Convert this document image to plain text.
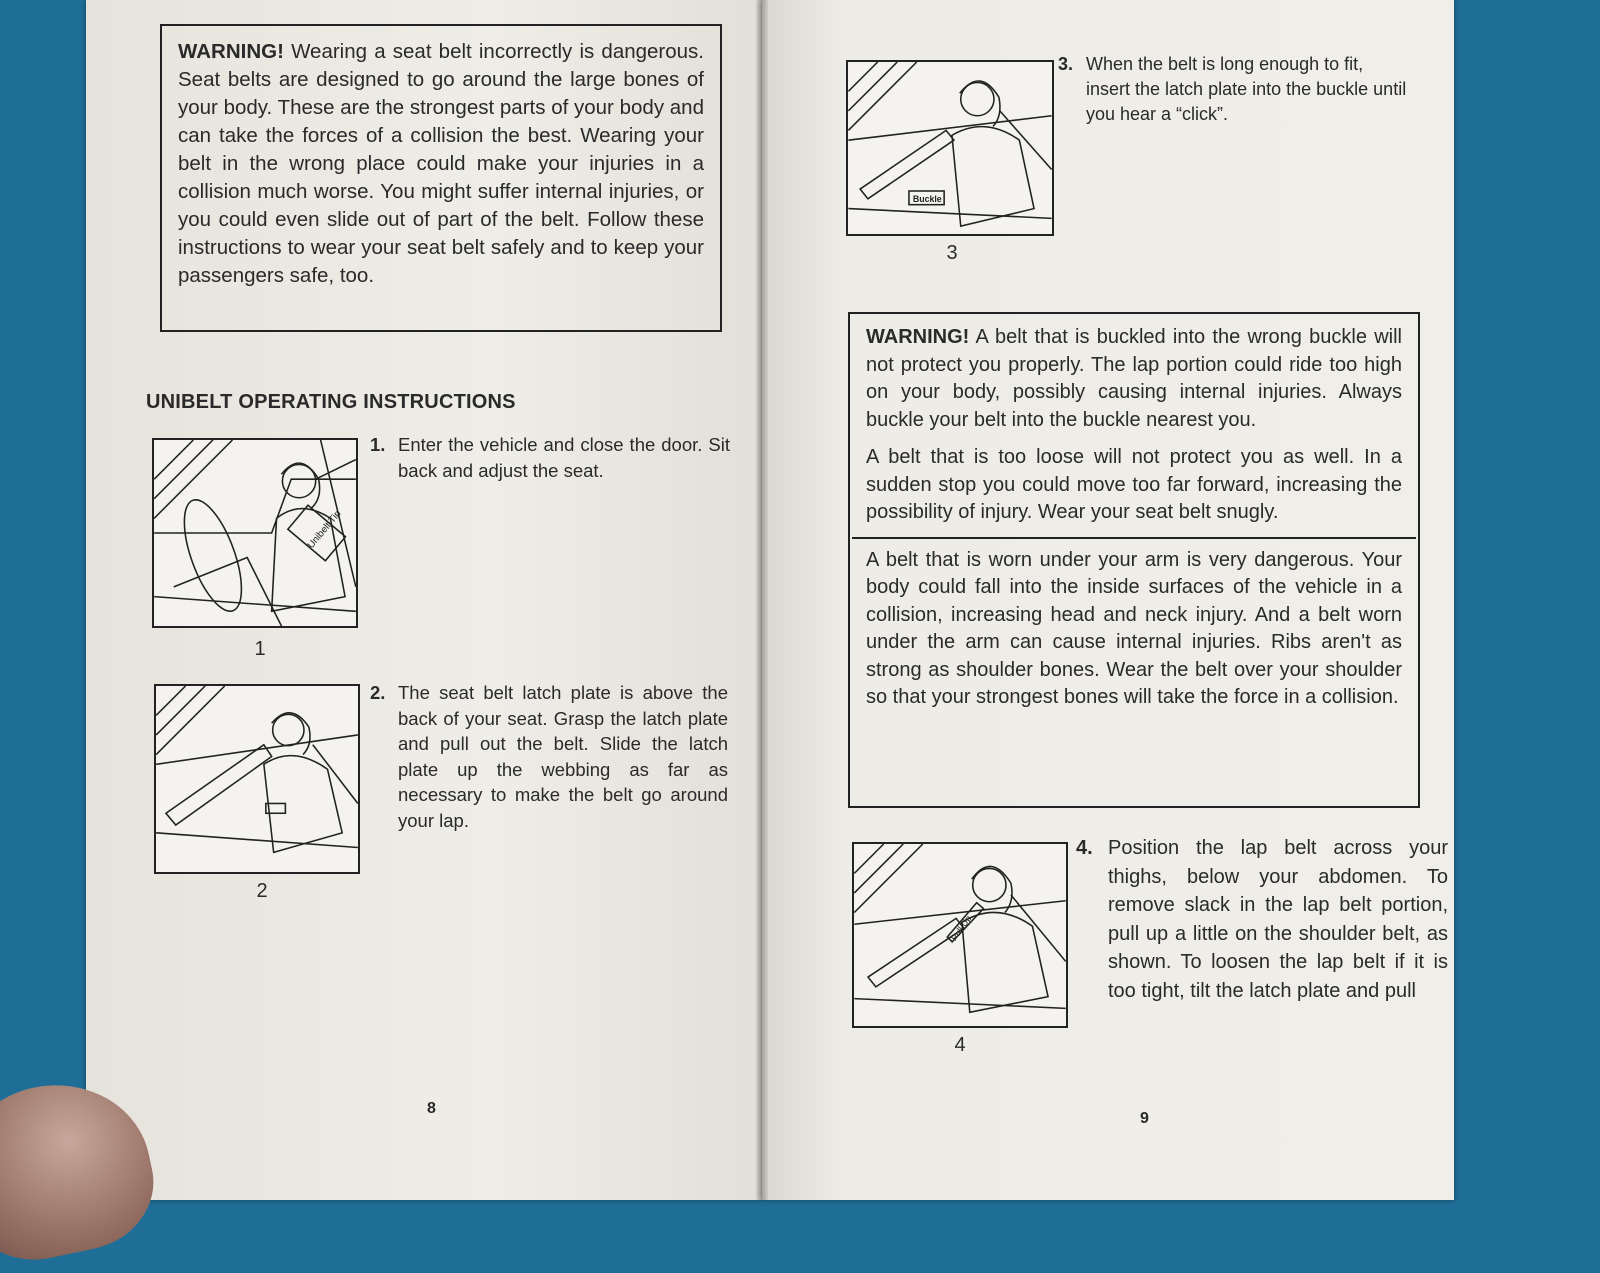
WARNING! Wearing a seat belt incorrectly is dangerous. Seat belts are designed to go around the large bones of your body. These are the strongest parts of your body and can take the forces of a collision the best. Wearing your belt in the wrong place could make your injuries in a collision much worse. You might suffer internal injuries, or you could even slide out of part of the belt. Follow these instructions to wear your seat belt safely and to keep your passengers safe, too.

UNIBELT OPERATING INSTRUCTIONS
Unibelt Tip
1. Enter the vehicle and close the door. Sit back and adjust the seat.
1
2. The seat belt latch plate is above the back of your seat. Grasp the latch plate and pull out the belt. Slide the latch plate up the webbing as far as necessary to make the belt go around your lap.
2
8
Buckle
3. When the belt is long enough to fit, insert the latch plate into the buckle until you hear a “click”.
3

WARNING! A belt that is buckled into the wrong buckle will not protect you properly. The lap portion could ride too high on your body, possibly causing internal injuries. Always buckle your belt into the buckle nearest you.

A belt that is too loose will not protect you as well. In a sudden stop you could move too far forward, increasing the possibility of injury. Wear your seat belt snugly.

A belt that is worn under your arm is very dangerous. Your body could fall into the inside surfaces of the vehicle in a collision, increasing head and neck injury. And a belt worn under the arm can cause internal injuries. Ribs aren't as strong as shoulder bones. Wear the belt over your shoulder so that your strongest bones will take the force in a collision.

Pull Up
4. Position the lap belt across your thighs, below your abdomen. To remove slack in the lap belt portion, pull up a little on the shoulder belt, as shown. To loosen the lap belt if it is too tight, tilt the latch plate and pull
4
9
